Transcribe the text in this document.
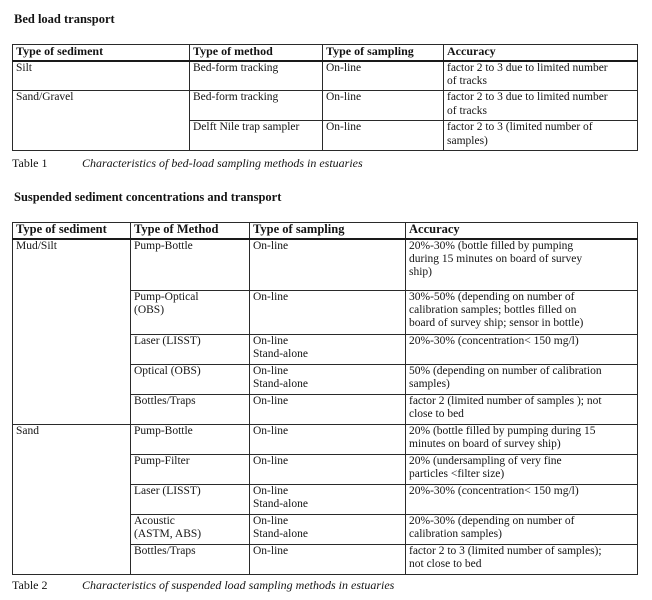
Bed load transport
Type of sediment	Type of method	Type of sampling	Accuracy
Silt	Bed-form tracking	On-line	factor 2 to 3 due to limited number
of tracks

Sand/Gravel	Bed-form tracking	On-line	factor 2 to 3 due to limited number
of tracks

	Delft Nile trap sampler	On-line	factor 2 to 3 (limited number of
samples)
Table 1	Characteristics of bed-load sampling methods in estuaries
Suspended sediment concentrations and transport
Type of sediment	Type of Method	Type of sampling	Accuracy
Mud/Silt	Pump-Bottle	On-line	20%-30% (bottle filled by pumping
during 15 minutes on board of survey
ship)

	Pump-Optical
(OBS)	On-line	30%-50% (depending on number of
calibration samples; bottles filled on
board of survey ship; sensor in bottle)

	Laser (LISST)	On-line
Stand-alone	20%-30% (concentration< 150 mg/l)

	Optical (OBS)	On-line
Stand-alone	50% (depending on number of calibration
samples)

	Bottles/Traps	On-line	factor 2 (limited number of samples ); not
close to bed

Sand	Pump-Bottle	On-line	20% (bottle filled by pumping during 15
minutes on board of survey ship)

	Pump-Filter	On-line	20% (undersampling of very fine
particles <filter size)

	Laser (LISST)	On-line
Stand-alone	20%-30% (concentration< 150 mg/l)

	Acoustic
(ASTM, ABS)	On-line
Stand-alone	20%-30% (depending on number of
calibration samples)

	Bottles/Traps	On-line	factor 2 to 3 (limited number of samples);
not close to bed
Table 2	Characteristics of suspended load sampling methods in estuaries
